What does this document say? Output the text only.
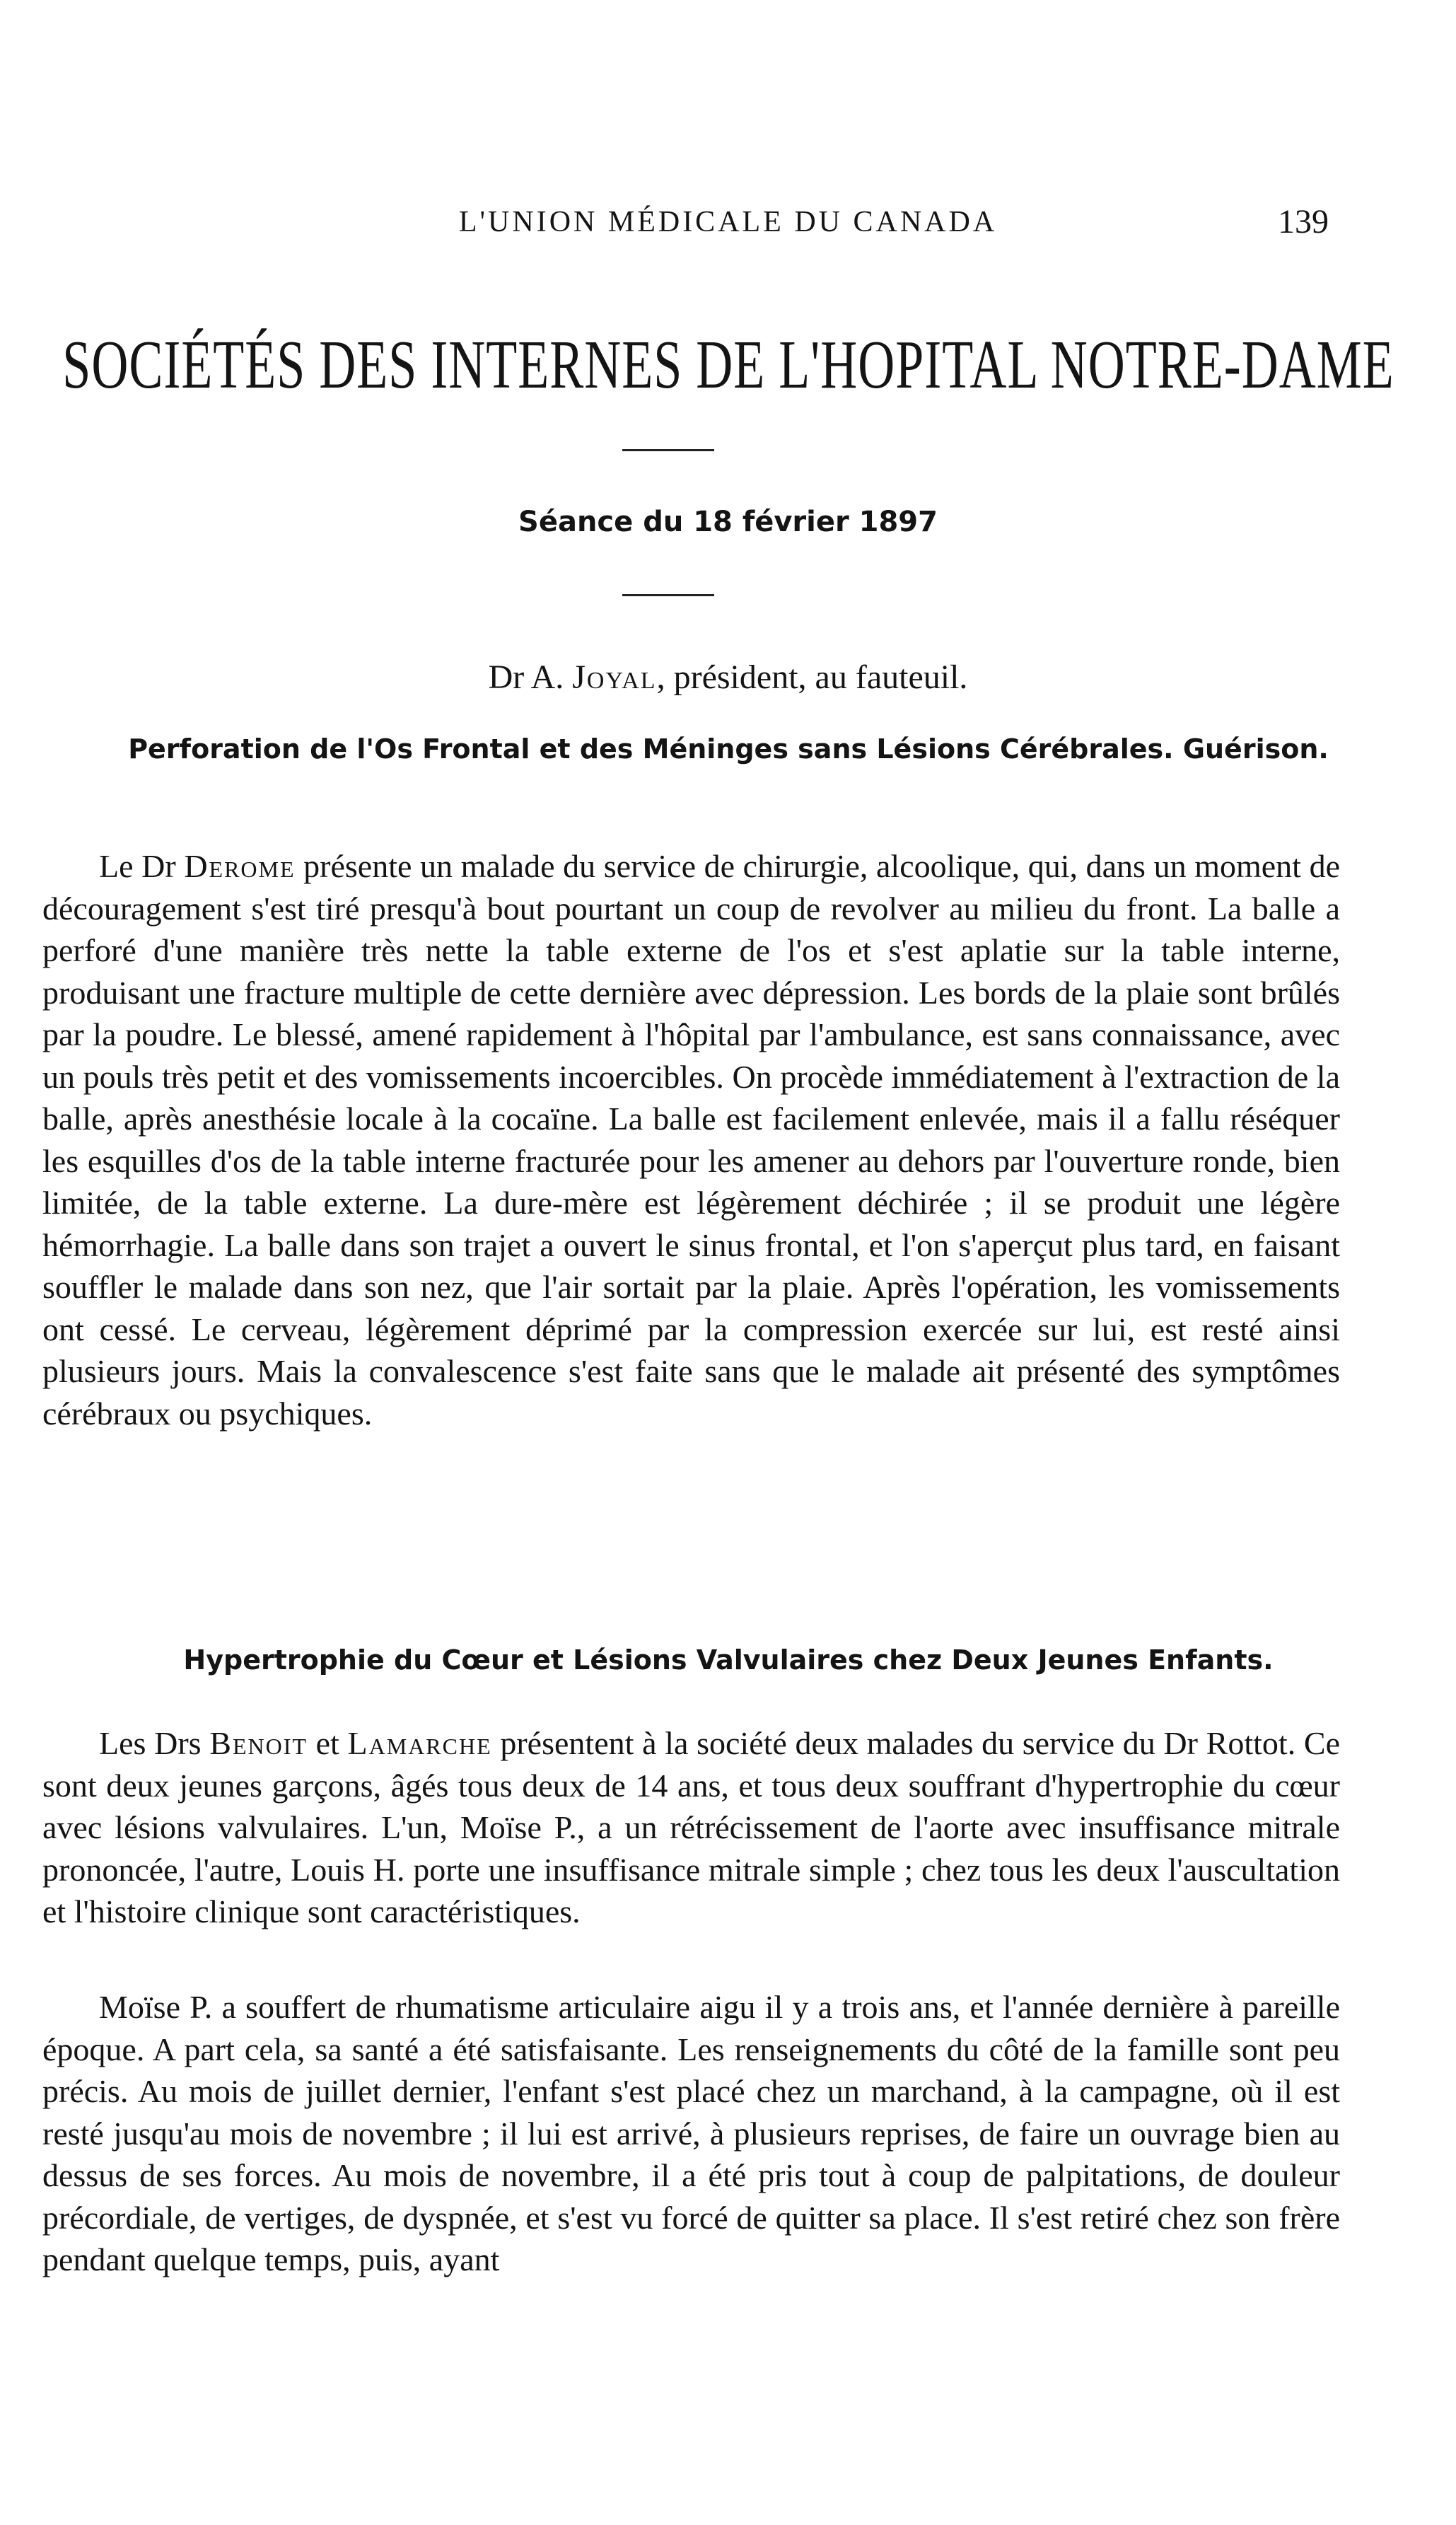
L'UNION MÉDICALE DU CANADA	139
SOCIÉTÉS DES INTERNES DE L'HOPITAL NOTRE-DAME
Séance du 18 février 1897
Dr A. Joyal, président, au fauteuil.
Perforation de l'Os Frontal et des Méninges sans Lésions Cérébrales. Guérison.

Le Dr Derome présente un malade du service de chirurgie, alcoolique, qui, dans un moment de découragement s'est tiré presqu'à bout pourtant un coup de revolver au milieu du front. La balle a perforé d'une manière très nette la table externe de l'os et s'est aplatie sur la table interne, produisant une fracture multiple de cette dernière avec dépression. Les bords de la plaie sont brûlés par la poudre. Le blessé, amené rapidement à l'hôpital par l'ambulance, est sans connaissance, avec un pouls très petit et des vomissements incoercibles. On procède immédiatement à l'extraction de la balle, après anesthésie locale à la cocaïne. La balle est facilement enlevée, mais il a fallu réséquer les esquilles d'os de la table interne fracturée pour les amener au dehors par l'ouverture ronde, bien limitée, de la table externe. La dure-mère est légèrement déchirée ; il se produit une légère hémorrhagie. La balle dans son trajet a ouvert le sinus frontal, et l'on s'aperçut plus tard, en faisant souffler le malade dans son nez, que l'air sortait par la plaie. Après l'opération, les vomissements ont cessé. Le cerveau, légèrement déprimé par la compression exercée sur lui, est resté ainsi plusieurs jours. Mais la convalescence s'est faite sans que le malade ait présenté des symptômes cérébraux ou psychiques.

Hypertrophie du Cœur et Lésions Valvulaires chez Deux Jeunes Enfants.

Les Drs Benoit et Lamarche présentent à la société deux malades du service du Dr Rottot. Ce sont deux jeunes garçons, âgés tous deux de 14 ans, et tous deux souffrant d'hypertrophie du cœur avec lésions valvulaires. L'un, Moïse P., a un rétrécissement de l'aorte avec insuffisance mitrale prononcée, l'autre, Louis H. porte une insuffisance mitrale simple ; chez tous les deux l'auscultation et l'histoire clinique sont caractéristiques.

Moïse P. a souffert de rhumatisme articulaire aigu il y a trois ans, et l'année dernière à pareille époque. A part cela, sa santé a été satisfaisante. Les renseignements du côté de la famille sont peu précis. Au mois de juillet dernier, l'enfant s'est placé chez un marchand, à la campagne, où il est resté jusqu'au mois de novembre ; il lui est arrivé, à plusieurs reprises, de faire un ouvrage bien au dessus de ses forces. Au mois de novembre, il a été pris tout à coup de palpitations, de douleur précordiale, de vertiges, de dyspnée, et s'est vu forcé de quitter sa place. Il s'est retiré chez son frère pendant quelque temps, puis, ayant
